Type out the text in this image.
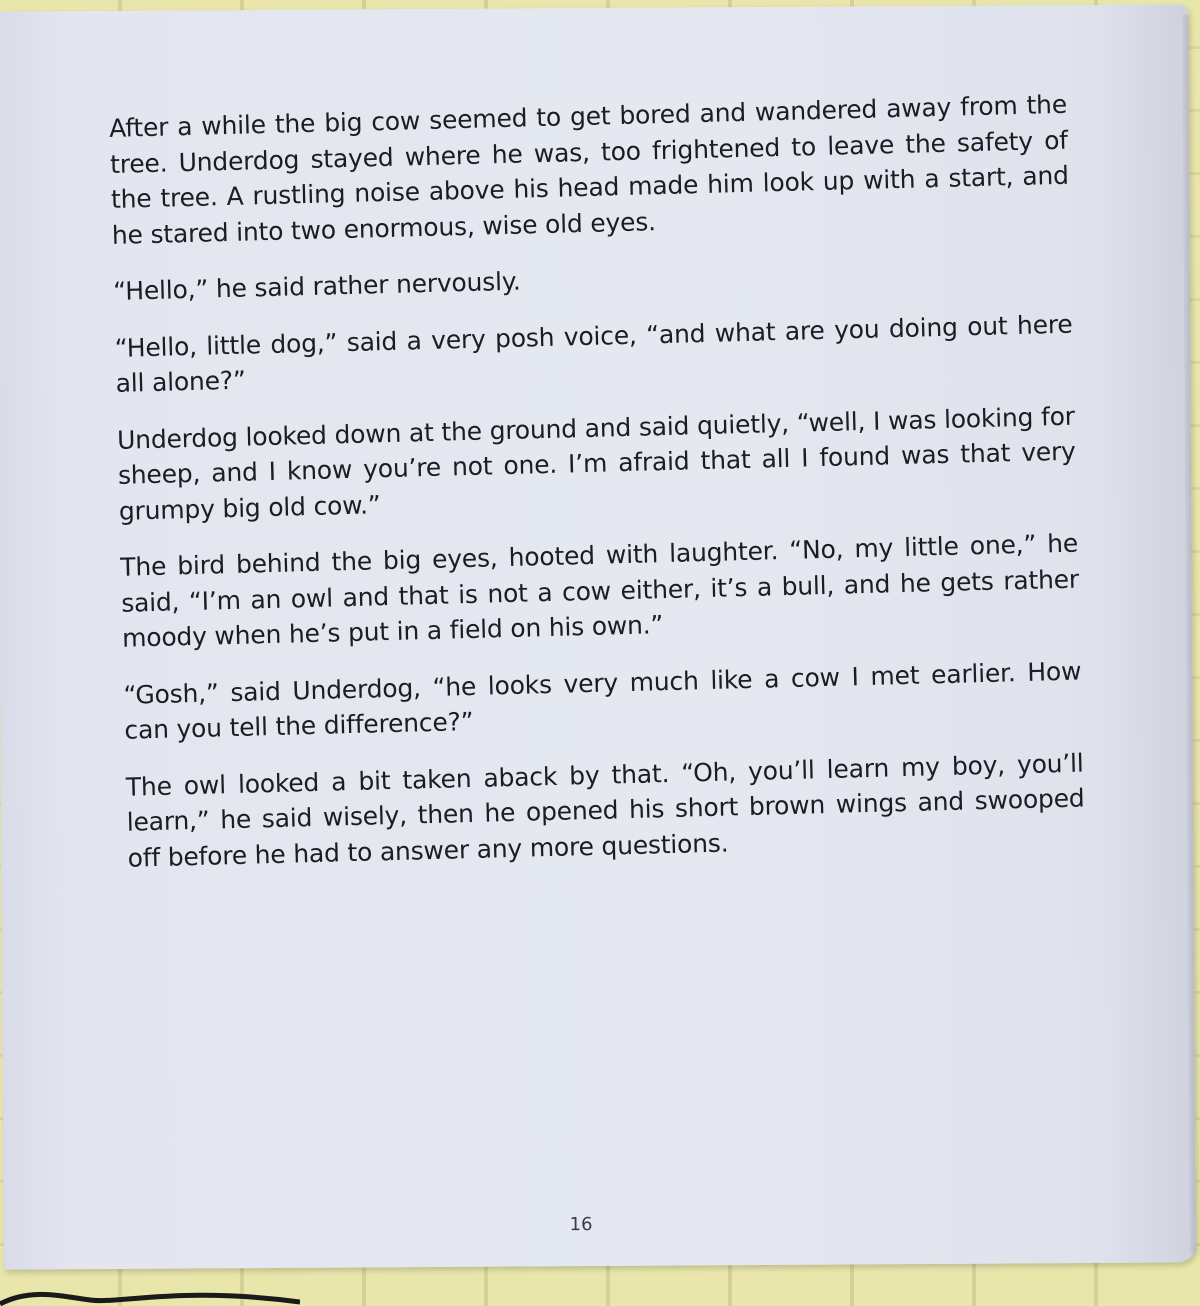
After a while the big cow seemed to get bored and wandered away from the tree. Underdog stayed where he was, too frightened to leave the safety of the tree. A rustling noise above his head made him look up with a start, and he stared into two enormous, wise old eyes.

“Hello,” he said rather nervously.

“Hello, little dog,” said a very posh voice, “and what are you doing out here all alone?”

Underdog looked down at the ground and said quietly, “well, I was looking for sheep, and I know you’re not one. I’m afraid that all I found was that very grumpy big old cow.”

The bird behind the big eyes, hooted with laughter. “No, my little one,” he said, “I’m an owl and that is not a cow either, it’s a bull, and he gets rather moody when he’s put in a field on his own.”

“Gosh,” said Underdog, “he looks very much like a cow I met earlier. How can you tell the difference?”

The owl looked a bit taken aback by that. “Oh, you’ll learn my boy, you’ll learn,” he said wisely, then he opened his short brown wings and swooped off before he had to answer any more questions.

16
